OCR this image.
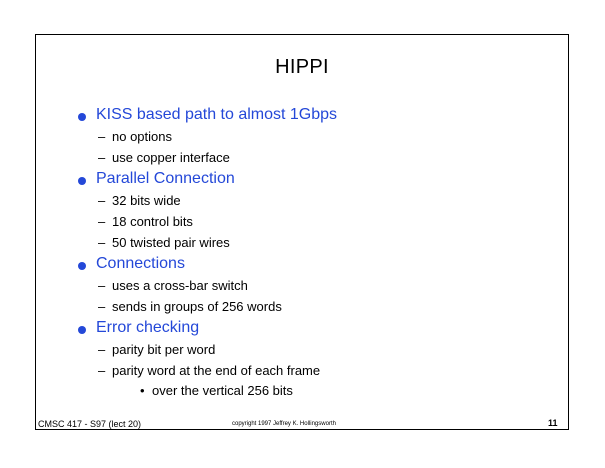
HIPPI
KISS based path to almost 1Gbps
– no options
– use copper interface
Parallel Connection
– 32 bits wide
– 18 control bits
– 50 twisted pair wires
Connections
– uses a cross-bar switch
– sends in groups of 256 words
Error checking
– parity bit per word
– parity word at the end of each frame
• over the vertical 256 bits
CMSC 417 - S97 (lect 20)	copyright 1997 Jeffrey K. Hollingsworth	11
